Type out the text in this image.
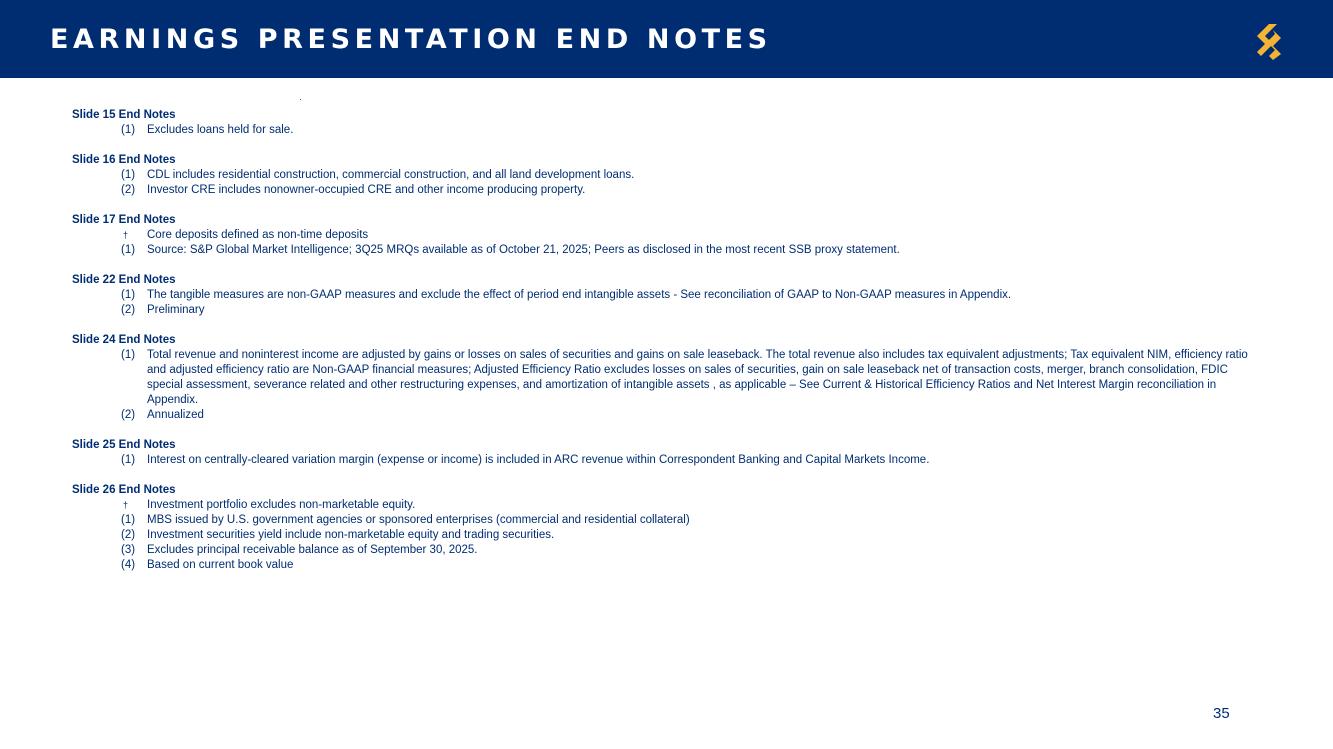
EARNINGS PRESENTATION END NOTES
Slide 15 End Notes
(1)	Excludes loans held for sale.
Slide 16 End Notes
(1)	CDL includes residential construction, commercial construction, and all land development loans.
(2)	Investor CRE includes nonowner-occupied CRE and other income producing property.
Slide 17 End Notes
†	Core deposits defined as non-time deposits
(1)	Source: S&P Global Market Intelligence; 3Q25 MRQs available as of October 21, 2025; Peers as disclosed in the most recent SSB proxy statement.
Slide 22 End Notes
(1)	The tangible measures are non-GAAP measures and exclude the effect of period end intangible assets - See reconciliation of GAAP to Non-GAAP measures in Appendix.
(2)	Preliminary
Slide 24 End Notes
(1)	Total revenue and noninterest income are adjusted by gains or losses on sales of securities and gains on sale leaseback. The total revenue also includes tax equivalent adjustments; Tax equivalent NIM, efficiency ratio and adjusted efficiency ratio are Non-GAAP financial measures; Adjusted Efficiency Ratio excludes losses on sales of securities, gain on sale leaseback net of transaction costs, merger, branch consolidation, FDIC special assessment, severance related and other restructuring expenses, and amortization of intangible assets , as applicable – See Current & Historical Efficiency Ratios and Net Interest Margin reconciliation in Appendix.
(2)	Annualized
Slide 25 End Notes
(1)	Interest on centrally-cleared variation margin (expense or income) is included in ARC revenue within Correspondent Banking and Capital Markets Income.
Slide 26 End Notes
†	Investment portfolio excludes non-marketable equity.
(1)	MBS issued by U.S. government agencies or sponsored enterprises (commercial and residential collateral)
(2)	Investment securities yield include non-marketable equity and trading securities.
(3)	Excludes principal receivable balance as of September 30, 2025.
(4)	Based on current book value
35
